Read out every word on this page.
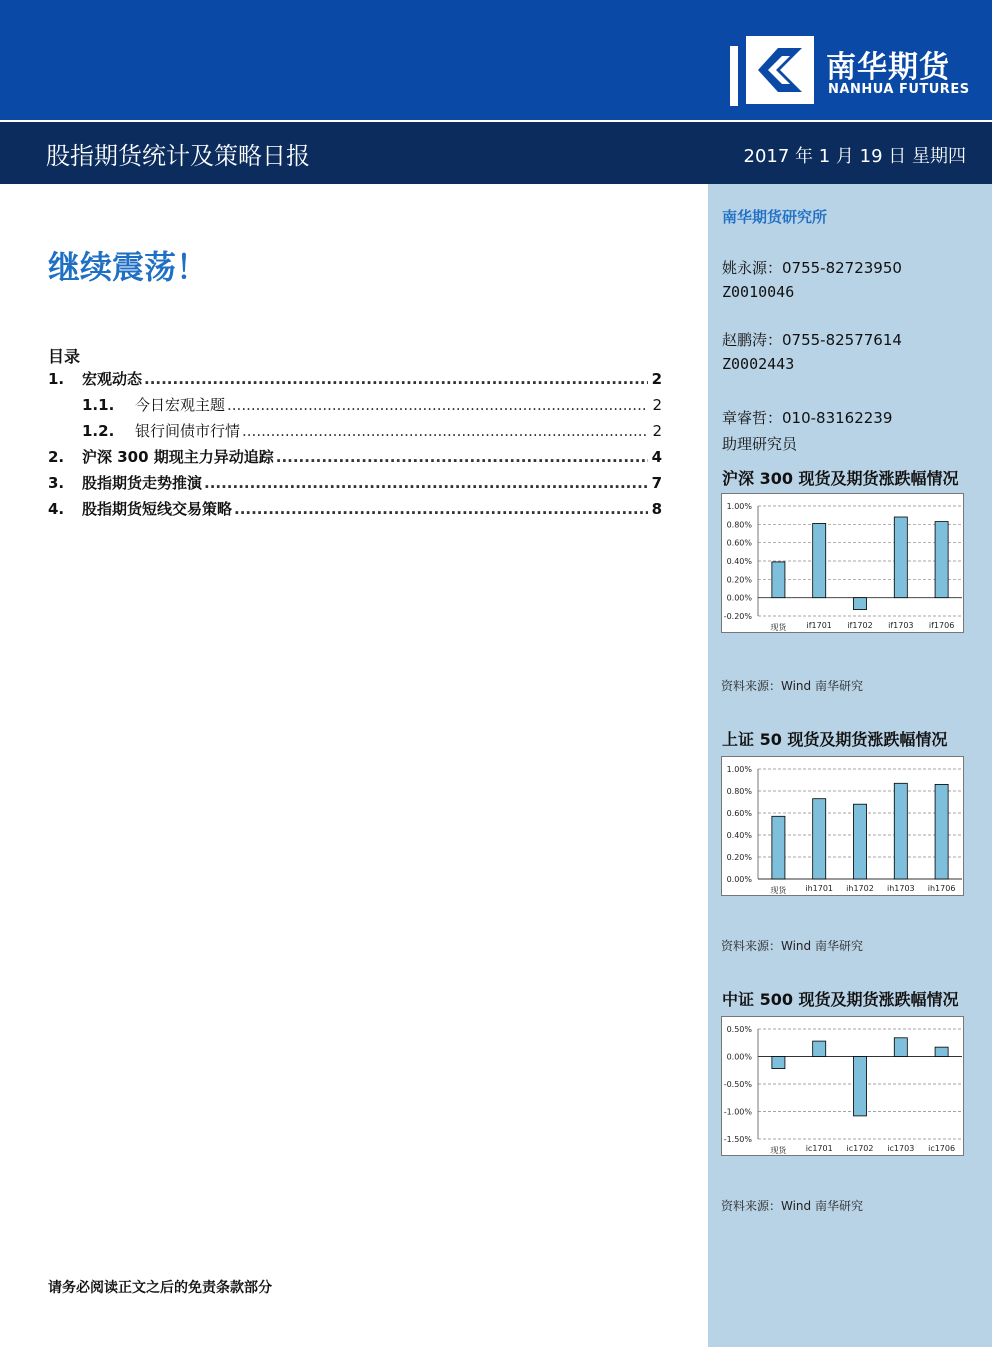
南华期货
NANHUA FUTURES
股指期货统计及策略日报	2017 年 1 月 19 日 星期四
继续震荡！
目录
1.	宏观动态 .....	2
1.1.	今日宏观主题 .....	2
1.2.	银行间债市行情 .....	2
2.	沪深 300 期现主力异动追踪 .....	4
3.	股指期货走势推演 .....	7
4.	股指期货短线交易策略 .....	8
请务必阅读正文之后的免责条款部分
南华期货研究所
姚永源：0755-82723950
Z0010046
赵鹏涛：0755-82577614
Z0002443
章睿哲：010-83162239
助理研究员
沪深 300 现货及期货涨跌幅情况
-0.20%
0.00%
0.20%
0.40%
0.60%
0.80%
1.00%
现货	if1701 if1702 if1703 if1706
资料来源：Wind 南华研究
上证 50 现货及期货涨跌幅情况
0.00%
0.20%
0.40%
0.60%
0.80%
1.00%
现货 ih1701 ih1702 ih1703 ih1706
资料来源：Wind 南华研究
中证 500 现货及期货涨跌幅情况
-1.50%
-1.00%
-0.50%
0.00%
0.50%
现货 ic1701 ic1702 ic1703 ic1706
资料来源：Wind 南华研究
